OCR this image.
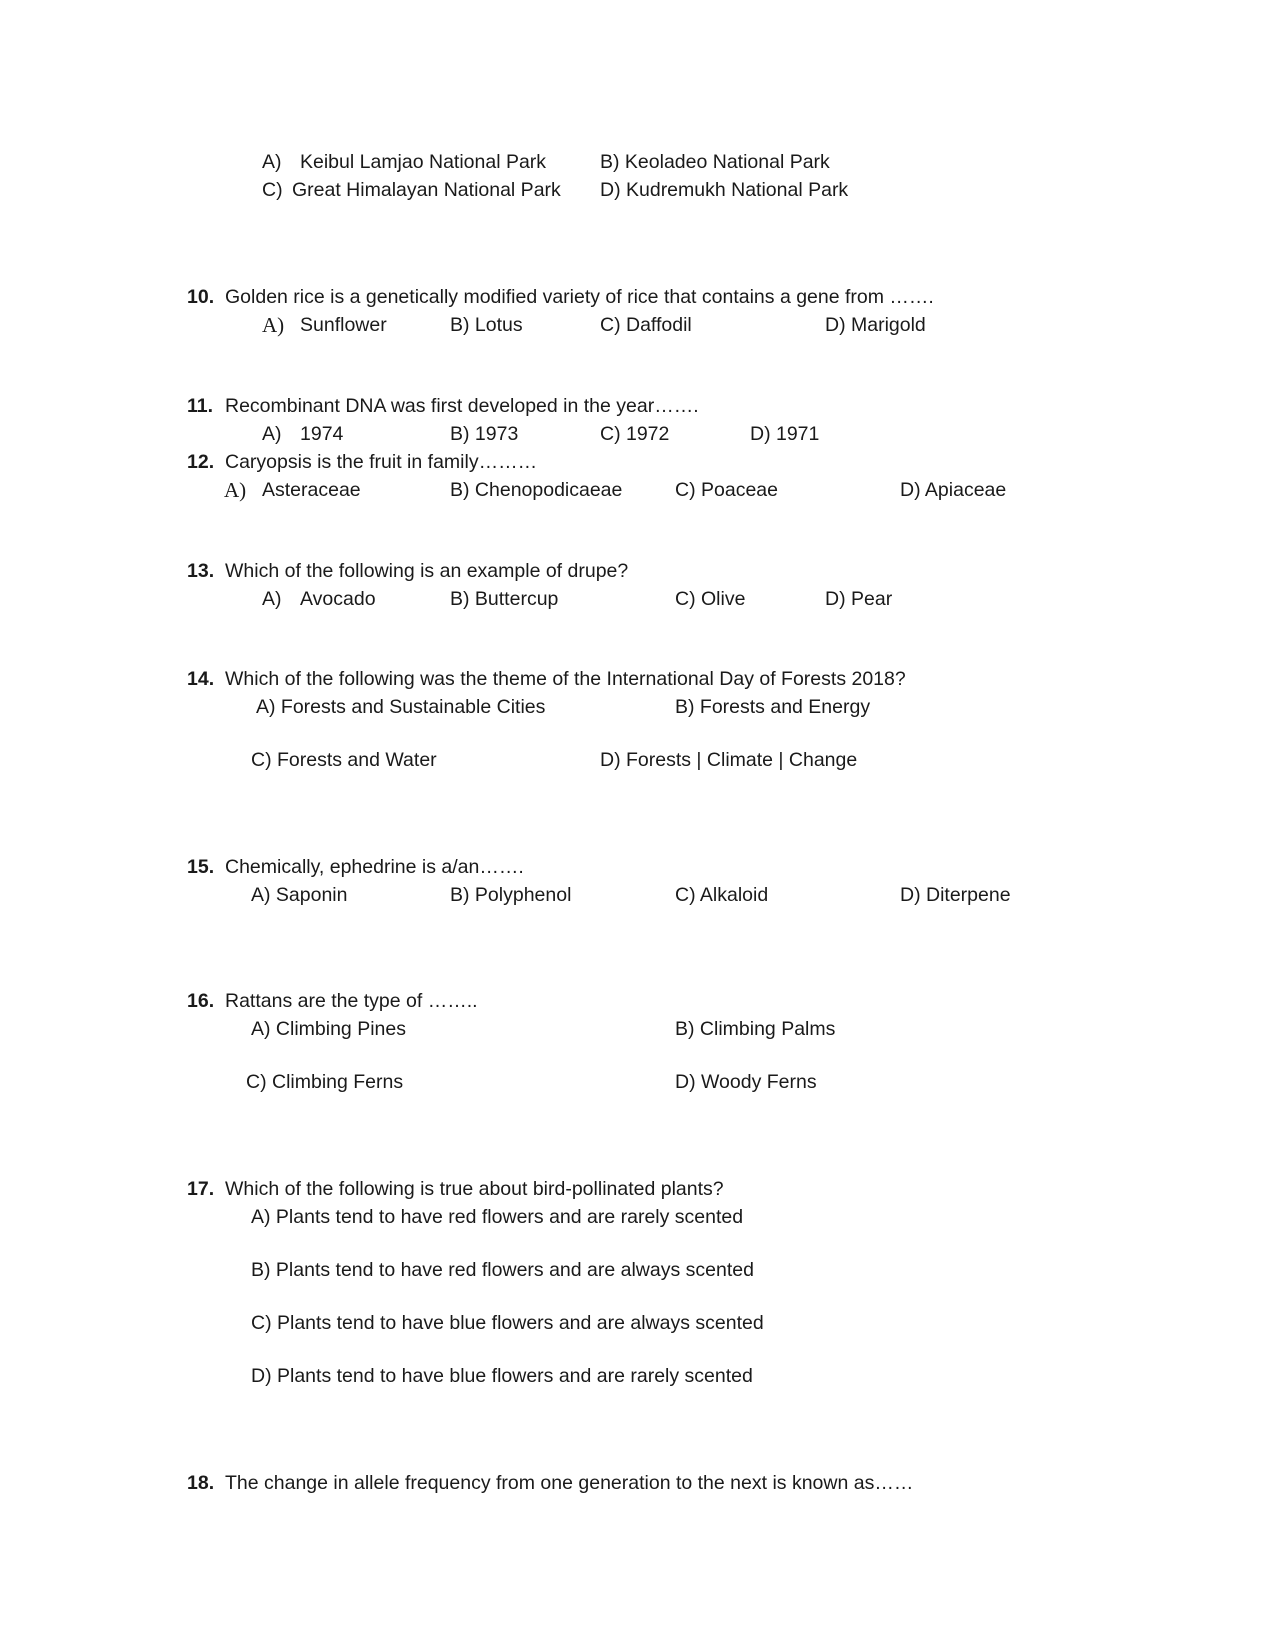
A) Keibul Lamjao National Park	B) Keoladeo National Park
C) Great Himalayan National Park D) Kudremukh National Park
10. Golden rice is a genetically modified variety of rice that contains a gene from …….
A) Sunflower	B) Lotus	C) Daffodil	D) Marigold
11. Recombinant DNA was first developed in the year…….
A) 1974	B) 1973	C) 1972	D) 1971
12. Caryopsis is the fruit in family………
A) Asteraceae	B) Chenopodicaeae	C) Poaceae	D) Apiaceae
13. Which of the following is an example of drupe?
A) Avocado	B) Buttercup	C) Olive	D) Pear
14. Which of the following was the theme of the International Day of Forests 2018?
A) Forests and Sustainable Cities	B) Forests and Energy
C) Forests and Water	D) Forests | Climate | Change
15. Chemically, ephedrine is a/an…….
A) Saponin	B) Polyphenol	C) Alkaloid	D) Diterpene
16. Rattans are the type of ……..
A) Climbing Pines	B) Climbing Palms
C) Climbing Ferns	D) Woody Ferns
17. Which of the following is true about bird-pollinated plants?
A) Plants tend to have red flowers and are rarely scented
B) Plants tend to have red flowers and are always scented
C) Plants tend to have blue flowers and are always scented
D) Plants tend to have blue flowers and are rarely scented
18. The change in allele frequency from one generation to the next is known as……
